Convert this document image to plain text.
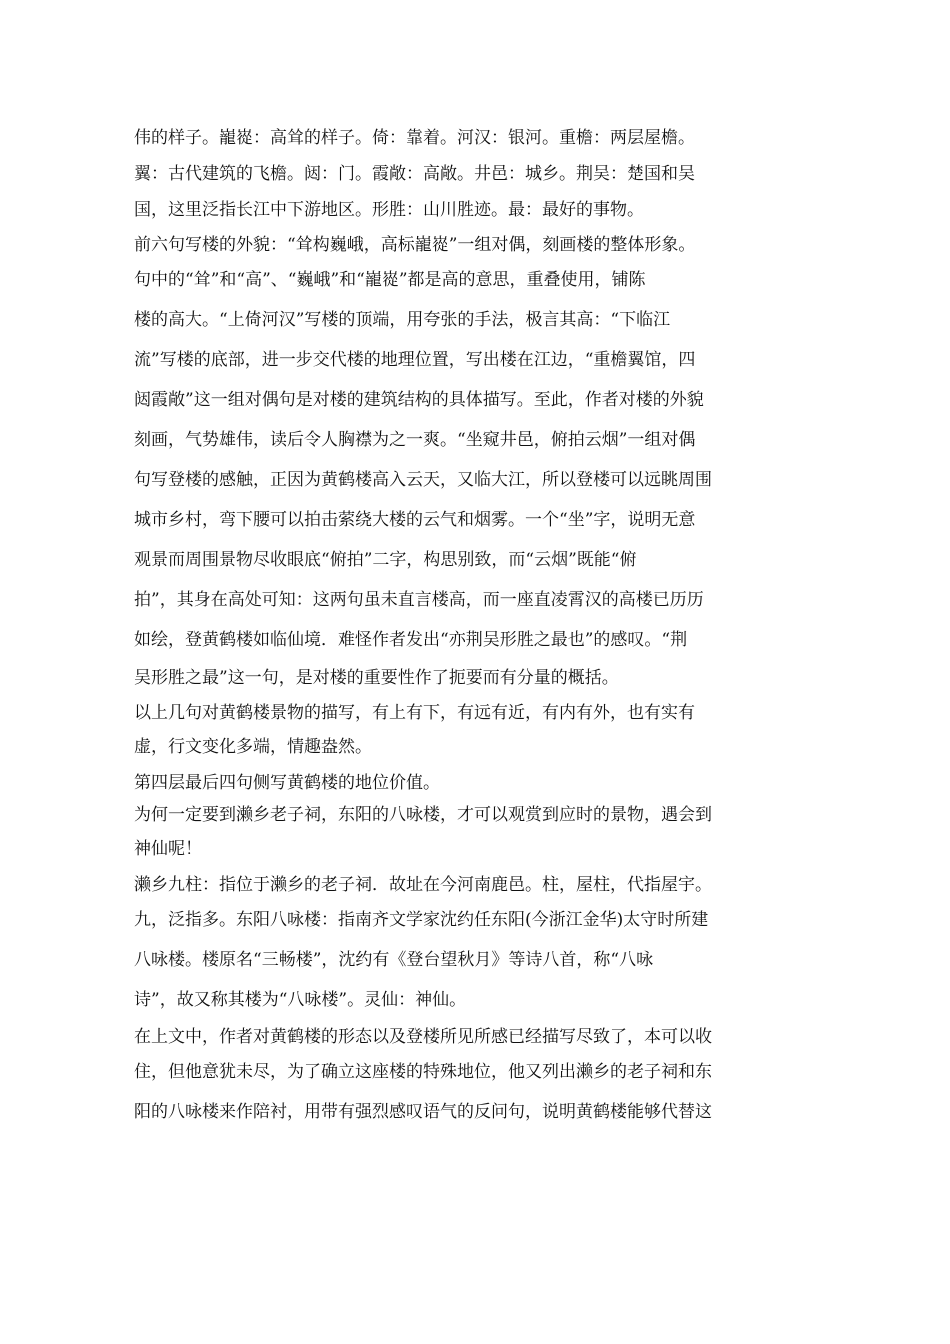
伟的样子。巃嵸：高耸的样子。倚：靠着。河汉：银河。重檐：两层屋檐。
翼：古代建筑的飞檐。闼：门。霞敞：高敞。井邑：城乡。荆吴：楚国和吴
国，这里泛指长江中下游地区。形胜：山川胜迹。最：最好的事物。
前六句写楼的外貌：“耸构巍峨，高标巃嵸”一组对偶，刻画楼的整体形象。
句中的“耸”和“高”、“巍峨”和“巃嵸”都是高的意思，重叠使用，铺陈
楼的高大。“上倚河汉”写楼的顶端，用夸张的手法，极言其高：“下临江
流”写楼的底部，进一步交代楼的地理位置，写出楼在江边，“重檐翼馆，四
闼霞敞”这一组对偶句是对楼的建筑结构的具体描写。至此，作者对楼的外貌
刻画，气势雄伟，读后令人胸襟为之一爽。“坐窥井邑，俯拍云烟”一组对偶
句写登楼的感触，正因为黄鹤楼高入云天，又临大江，所以登楼可以远眺周围
城市乡村，弯下腰可以拍击萦绕大楼的云气和烟雾。一个“坐”字，说明无意
观景而周围景物尽收眼底“俯拍”二字，构思别致，而“云烟”既能“俯
拍”，其身在高处可知：这两句虽未直言楼高，而一座直凌霄汉的高楼已历历
如绘，登黄鹤楼如临仙境．难怪作者发出“亦荆吴形胜之最也”的感叹。“荆
吴形胜之最”这一句，是对楼的重要性作了扼要而有分量的概括。
以上几句对黄鹤楼景物的描写，有上有下，有远有近，有内有外，也有实有
虚，行文变化多端，情趣盎然。
第四层最后四句侧写黄鹤楼的地位价值。
为何一定要到濑乡老子祠，东阳的八咏楼，才可以观赏到应时的景物，遇会到
神仙呢！
濑乡九柱：指位于濑乡的老子祠．故址在今河南鹿邑。柱，屋柱，代指屋宇。
九，泛指多。东阳八咏楼：指南齐文学家沈约任东阳(今浙江金华)太守时所建
八咏楼。楼原名“三畅楼”，沈约有《登台望秋月》等诗八首，称“八咏
诗”，故又称其楼为“八咏楼”。灵仙：神仙。
在上文中，作者对黄鹤楼的形态以及登楼所见所感已经描写尽致了，本可以收
住，但他意犹未尽，为了确立这座楼的特殊地位，他又列出濑乡的老子祠和东
阳的八咏楼来作陪衬，用带有强烈感叹语气的反问句，说明黄鹤楼能够代替这
